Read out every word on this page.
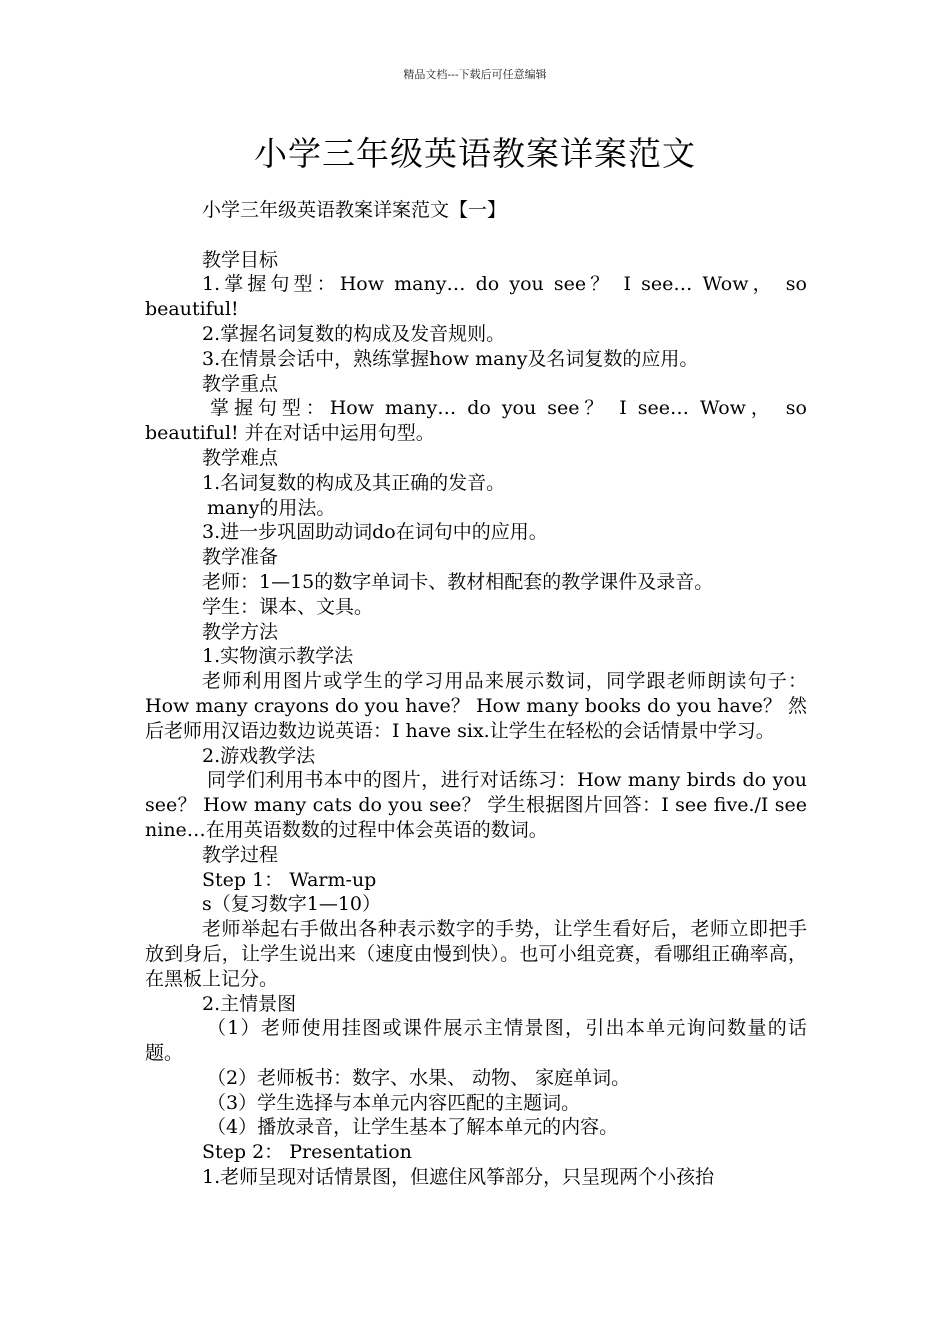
精品文档---下载后可任意编辑
小学三年级英语教案详案范文

小学三年级英语教案详案范文【一】

教学目标

1.掌握句型：How many… do you see？ I see… Wow， so beautiful!

2.掌握名词复数的构成及发音规则。

3.在情景会话中，熟练掌握how many及名词复数的应用。

教学重点

掌握句型：How many… do you see？ I see… Wow， so beautiful! 并在对话中运用句型。

教学难点

1.名词复数的构成及其正确的发音。

many的用法。

3.进一步巩固助动词do在词句中的应用。

教学准备

老师：1—15的数字单词卡、教材相配套的教学课件及录音。

学生：课本、文具。

教学方法

1.实物演示教学法

老师利用图片或学生的学习用品来展示数词，同学跟老师朗读句子：How many crayons do you have？ How many books do you have？ 然后老师用汉语边数边说英语：I have six.让学生在轻松的会话情景中学习。

2.游戏教学法

同学们利用书本中的图片，进行对话练习：How many birds do you see？ How many cats do you see？ 学生根据图片回答：I see five./I see nine…在用英语数数的过程中体会英语的数词。

教学过程

Step 1： Warm-up

s（复习数字1—10）

老师举起右手做出各种表示数字的手势，让学生看好后，老师立即把手放到身后，让学生说出来（速度由慢到快）。也可小组竞赛，看哪组正确率高，在黑板上记分。

2.主情景图

（1）老师使用挂图或课件展示主情景图，引出本单元询问数量的话题。

（2）老师板书：数字、水果、 动物、 家庭单词。

（3）学生选择与本单元内容匹配的主题词。

（4）播放录音，让学生基本了解本单元的内容。

Step 2： Presentation

1.老师呈现对话情景图，但遮住风筝部分，只呈现两个小孩抬
